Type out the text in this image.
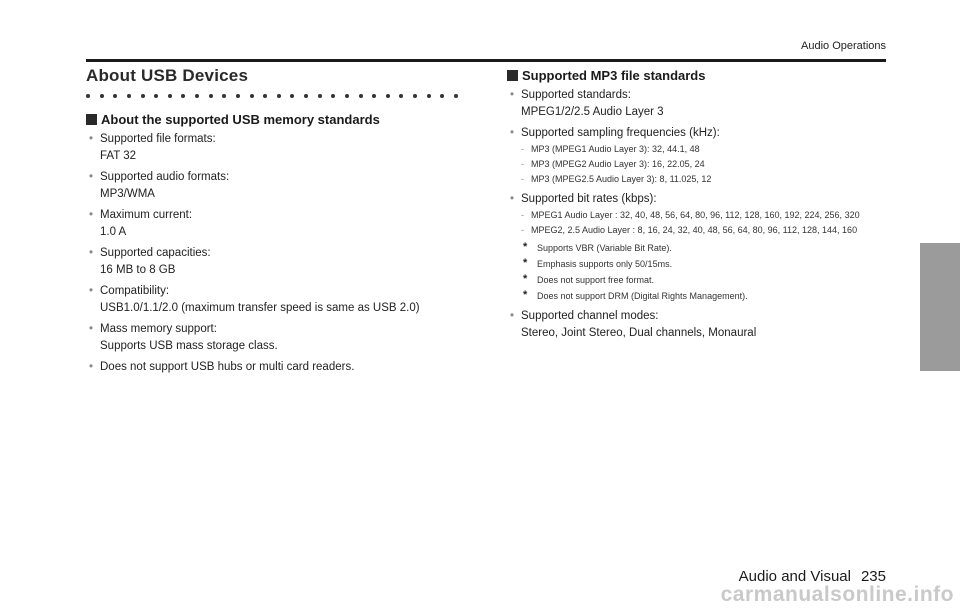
Audio Operations
About USB Devices
About the supported USB memory standards
• Supported file formats:
FAT 32
• Supported audio formats:
MP3/WMA
• Maximum current:
1.0 A
• Supported capacities:
16 MB to 8 GB
• Compatibility:
USB1.0/1.1/2.0 (maximum transfer speed is same as USB 2.0)
• Mass memory support:
Supports USB mass storage class.
• Does not support USB hubs or multi card readers.
Supported MP3 file standards
• Supported standards:
MPEG1/2/2.5 Audio Layer 3
• Supported sampling frequencies (kHz):
- MP3 (MPEG1 Audio Layer 3): 32, 44.1, 48
- MP3 (MPEG2 Audio Layer 3): 16, 22.05, 24
- MP3 (MPEG2.5 Audio Layer 3): 8, 11.025, 12
• Supported bit rates (kbps):
- MPEG1 Audio Layer : 32, 40, 48, 56, 64, 80, 96, 112, 128, 160, 192, 224, 256, 320
- MPEG2, 2.5 Audio Layer : 8, 16, 24, 32, 40, 48, 56, 64, 80, 96, 112, 128, 144, 160
* Supports VBR (Variable Bit Rate).
* Emphasis supports only 50/15ms.
* Does not support free format.
* Does not support DRM (Digital Rights Management).
• Supported channel modes:
Stereo, Joint Stereo, Dual channels, Monaural
Audio and Visual 235
carmanualsonline.info
